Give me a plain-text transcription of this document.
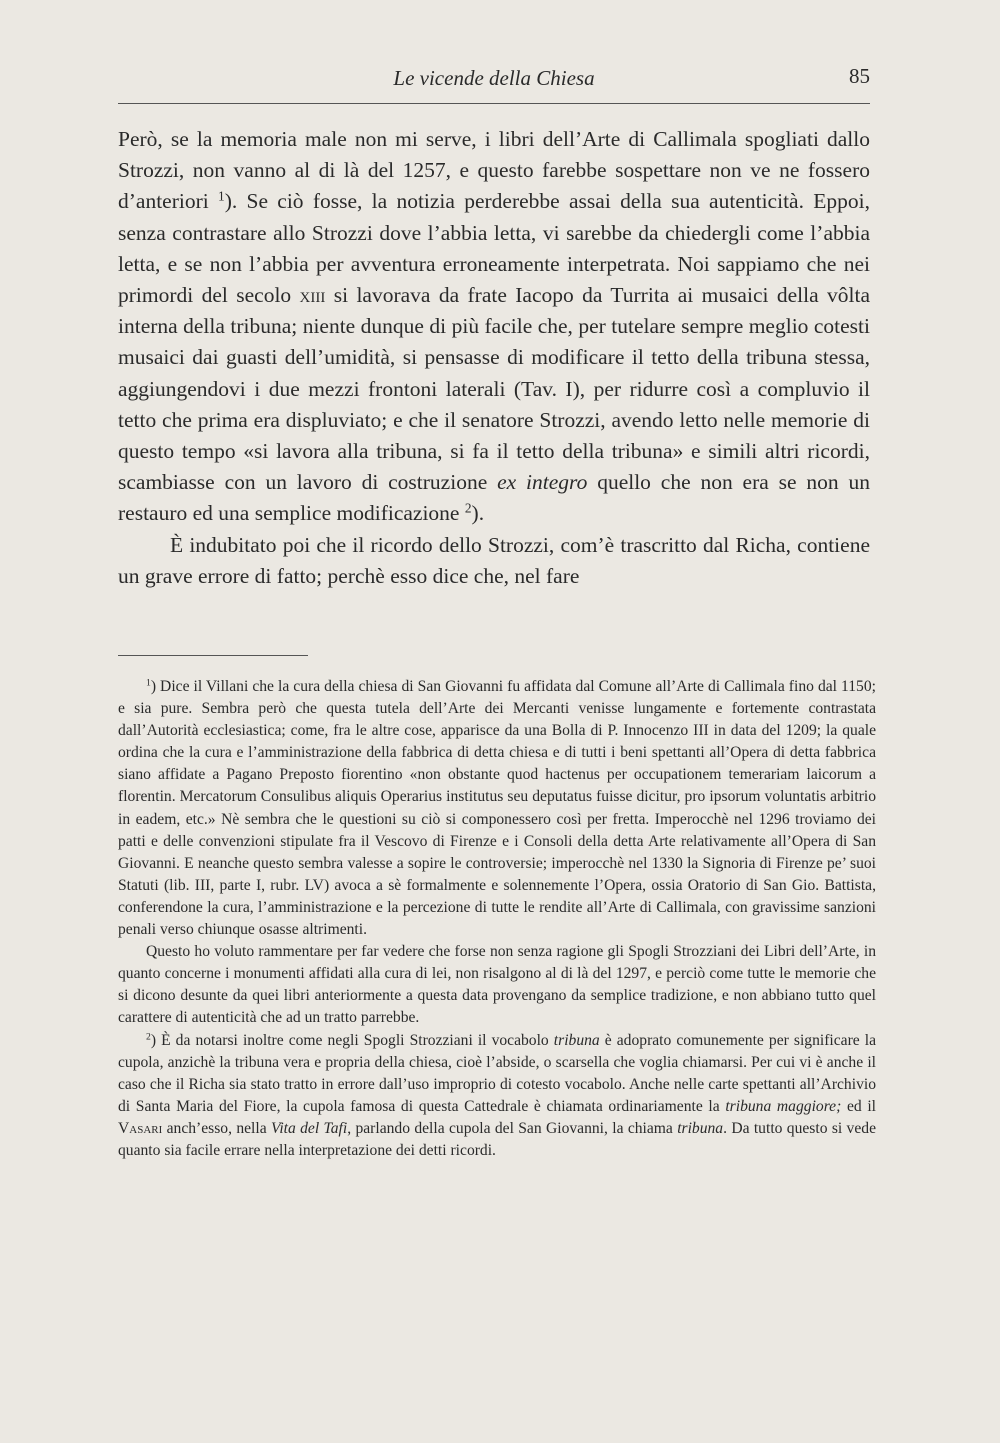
Le vicende della Chiesa	85

Però, se la memoria male non mi serve, i libri dell’Arte di Callimala spogliati dallo Strozzi, non vanno al di là del 1257, e questo farebbe sospettare non ve ne fossero d’anteriori $^1$). Se ciò fosse, la notizia perderebbe assai della sua autenticità. Eppoi, senza contrastare allo Strozzi dove l’abbia letta, vi sarebbe da chiedergli come l’abbia letta, e se non l’abbia per avventura erroneamente interpetrata. Noi sappiamo che nei primordi del secolo xiii si lavorava da frate Iacopo da Turrita ai musaici della vôlta interna della tribuna; niente dunque di più facile che, per tutelare sempre meglio cotesti musaici dai guasti dell’umidità, si pensasse di modificare il tetto della tribuna stessa, aggiungendovi i due mezzi frontoni laterali (Tav. I), per ridurre così a compluvio il tetto che prima era displuviato; e che il senatore Strozzi, avendo letto nelle memorie di questo tempo «si lavora alla tribuna, si fa il tetto della tribuna» e simili altri ricordi, scambiasse con un lavoro di costruzione ex integro quello che non era se non un restauro ed una semplice modificazione $^2$).

È indubitato poi che il ricordo dello Strozzi, com’è trascritto dal Richa, contiene un grave errore di fatto; perchè esso dice che, nel fare

$^1$) Dice il Villani che la cura della chiesa di San Giovanni fu affidata dal Comune all’Arte di Callimala fino dal 1150; e sia pure. Sembra però che questa tutela dell’Arte dei Mercanti venisse lungamente e fortemente contrastata dall’Autorità ecclesiastica; come, fra le altre cose, apparisce da una Bolla di P. Innocenzo III in data del 1209; la quale ordina che la cura e l’amministrazione della fabbrica di detta chiesa e di tutti i beni spettanti all’Opera di detta fabbrica siano affidate a Pagano Preposto fiorentino «non obstante quod hactenus per occupationem temerariam laicorum a florentin. Mercatorum Consulibus aliquis Operarius institutus seu deputatus fuisse dicitur, pro ipsorum voluntatis arbitrio in eadem, etc.» Nè sembra che le questioni su ciò si componessero così per fretta. Imperocchè nel 1296 troviamo dei patti e delle convenzioni stipulate fra il Vescovo di Firenze e i Consoli della detta Arte relativamente all’Opera di San Giovanni. E neanche questo sembra valesse a sopire le controversie; imperocchè nel 1330 la Signoria di Firenze pe’ suoi Statuti (lib. III, parte I, rubr. LV) avoca a sè formalmente e solennemente l’Opera, ossia Oratorio di San Gio. Battista, conferendone la cura, l’amministrazione e la percezione di tutte le rendite all’Arte di Callimala, con gravissime sanzioni penali verso chiunque osasse altrimenti.

Questo ho voluto rammentare per far vedere che forse non senza ragione gli Spogli Strozziani dei Libri dell’Arte, in quanto concerne i monumenti affidati alla cura di lei, non risalgono al di là del 1297, e perciò come tutte le memorie che si dicono desunte da quei libri anteriormente a questa data provengano da semplice tradizione, e non abbiano tutto quel carattere di autenticità che ad un tratto parrebbe.

$^2$) È da notarsi inoltre come negli Spogli Strozziani il vocabolo tribuna è adoprato comunemente per significare la cupola, anzichè la tribuna vera e propria della chiesa, cioè l’abside, o scarsella che voglia chiamarsi. Per cui vi è anche il caso che il Richa sia stato tratto in errore dall’uso improprio di cotesto vocabolo. Anche nelle carte spettanti all’Archivio di Santa Maria del Fiore, la cupola famosa di questa Cattedrale è chiamata ordinariamente la tribuna maggiore; ed il Vasari anch’esso, nella Vita del Tafi, parlando della cupola del San Giovanni, la chiama tribuna. Da tutto questo si vede quanto sia facile errare nella interpretazione dei detti ricordi.
